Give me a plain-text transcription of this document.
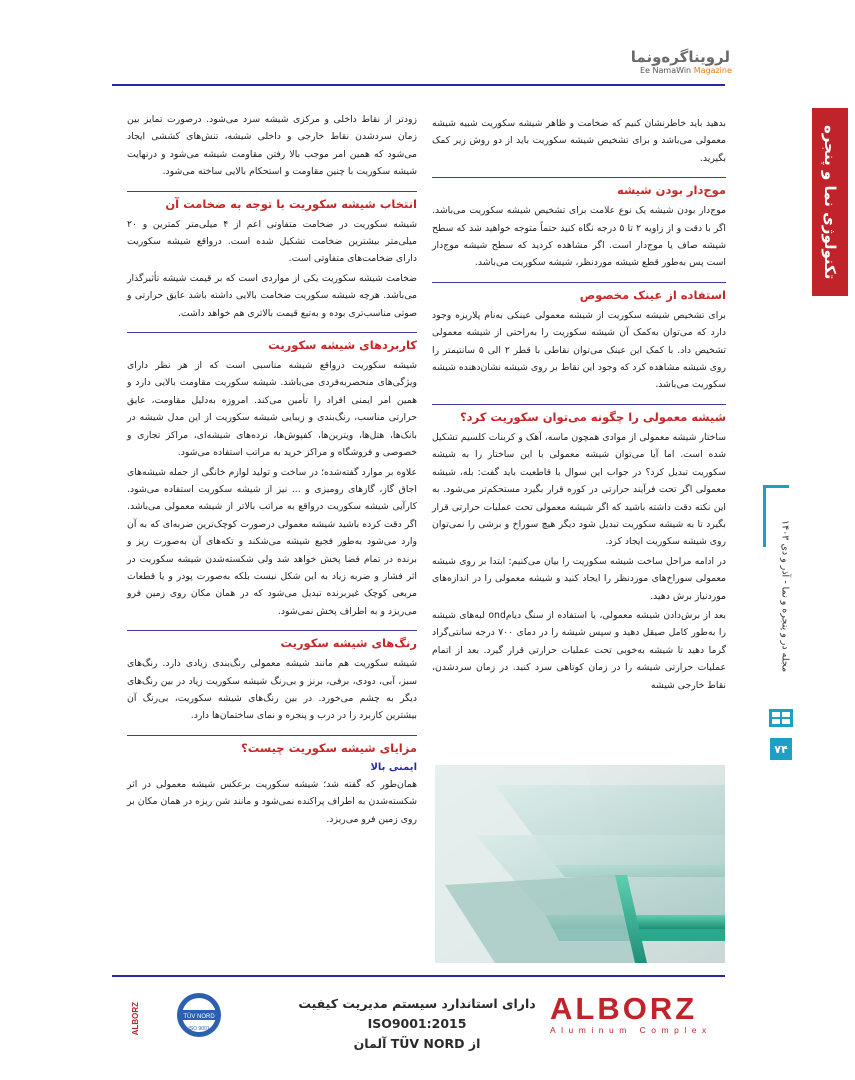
لرویناگره‌ونما
Ee NamaWin Magazine
تکنولوژی نما و پنجره
مجله در و پنجره و نما - آذر و دی ۱۴۰۳
۷۴

بدهید باید خاطرنشان کنیم که ضخامت و ظاهر شیشه سکوریت شبیه شیشه معمولی می‌باشد و برای تشخیص شیشه سکوریت باید از دو روش زیر کمک بگیرید.

موج‌دار بودن شیشه

موج‌دار بودن شیشه یک نوع علامت برای تشخیص شیشه سکوریت می‌باشد. اگر با دقت و از زاویه ۲ تا ۵ درجه نگاه کنید حتماً متوجه خواهید شد که سطح شیشه صاف یا موج‌دار است. اگر مشاهده کردید که سطح شیشه موج‌دار است پس به‌طور قطع شیشه مورد‌نظر، شیشه سکوریت می‌باشد.

استفاده از عینک مخصوص

برای تشخیص شیشه سکوریت از شیشه معمولی عینکی به‌نام پلاریزه وجود دارد که می‌توان به‌کمک آن شیشه سکوریت را به‌راحتی از شیشه معمولی تشخیص داد. با کمک این عینک می‌توان نقاطی با قطر ۲ الی ۵ سانتیمتر را روی شیشه مشاهده کرد که وجود این نقاط بر روی شیشه نشان‌دهنده شیشه سکوریت می‌باشد.

شیشه معمولی را چگونه می‌توان سکوریت کرد؟

ساختار شیشه معمولی از موادی همچون ماسه، آهک و کربنات کلسیم تشکیل شده است. اما آیا می‌توان شیشه معمولی با این ساختار را به شیشه سکوریت تبدیل کرد؟ در جواب این سوال با قاطعیت باید گفت: بله، شیشه معمولی اگر تحت فرآیند حرارتی در کوره قرار بگیرد مستحکم‌تر می‌شود. به این نکته دقت داشته باشید که اگر شیشه معمولی تحت عملیات حرارتی قرار بگیرد تا به شیشه سکوریت تبدیل شود دیگر هیچ سوراخ و برشی را نمی‌توان روی شیشه سکوریت ایجاد کرد.

در ادامه مراحل ساخت شیشه سکوریت را بیان می‌کنیم: ابتدا بر روی شیشه معمولی سوراخ‌های مورد‌نظر را ایجاد کنید و شیشه معمولی را در اندازه‌های موردنیاز برش دهید.

بعد از برش‌دادن شیشه معمولی، با استفاده از سنگ دیامond لبه‌های شیشه را به‌طور کامل صیقل دهید و سپس شیشه را در دمای ۷۰۰ درجه سانتی‌گراد گرما دهید تا شیشه به‌خوبی تحت عملیات حرارتی قرار گیرد. بعد از اتمام عملیات حرارتی شیشه را در زمان کوتاهی سرد کنید. در زمان سرد‌شدن، نقاط خارجی شیشه

زودتر از نقاط داخلی و مرکزی شیشه سرد می‌شود. درصورت تمایز بین زمان سرد‌شدن نقاط خارجی و داخلی شیشه، تنش‌های کششی ایجاد می‌شود که همین امر موجب بالا رفتن مقاومت شیشه می‌شود و درنهایت شیشه سکوریت با چنین مقاومت و استحکام بالایی ساخته می‌شود.

انتخاب شیشه سکوریت با توجه به ضخامت آن

شیشه سکوریت در ضخامت متفاوتی اعم از ۴ میلی‌متر کمترین و ۲۰ میلی‌متر بیشترین ضخامت تشکیل شده است. درواقع شیشه سکوریت دارای ضخامت‌های متفاوتی است.

ضخامت شیشه سکوریت یکی از مواردی است که بر قیمت شیشه تأثیرگذار می‌باشد. هرچه شیشه سکوریت ضخامت بالایی داشته باشد عایق حرارتی و صوتی مناسب‌تری بوده و به‌تبع قیمت بالاتری هم خواهد داشت.

کاربردهای شیشه سکوریت

شیشه سکوریت درواقع شیشه مناسبی است که از هر نظر دارای ویژگی‌های منحصر‌به‌فردی می‌باشد. شیشه سکوریت مقاومت بالایی دارد و همین امر ایمنی افراد را تأمین می‌کند. امروزه به‌دلیل مقاومت، عایق حرارتی مناسب، رنگ‌بندی و زیبایی شیشه سکوریت از این مدل شیشه در بانک‌ها، هتل‌ها، ویترین‌ها، کفپوش‌ها، نرده‌های شیشه‌ای، مراکز تجاری و خصوصی و فروشگاه و مراکز خرید به مراتب استفاده می‌شود.

علاوه بر موارد گفته‌شده؛ در ساخت و تولید لوازم خانگی از جمله شیشه‌های اجاق گاز، گازهای رومیزی و ... نیز از شیشه سکوریت استفاده می‌شود. کارآیی شیشه سکوریت درواقع به مراتب بالاتر از شیشه معمولی می‌باشد. اگر دقت کرده باشید شیشه معمولی درصورت کوچک‌ترین ضربه‌ای که به آن وارد می‌شود به‌طور فجیع شیشه می‌شکند و تکه‌های آن به‌صورت ریز و برنده در تمام فضا پخش خواهد شد ولی شکسته‌شدن شیشه سکوریت در اثر فشار و ضربه زیاد به این شکل نیست بلکه به‌صورت پودر و یا قطعات مربعی کوچک غیر‌برنده تبدیل می‌شود که در همان مکان روی زمین فرو می‌ریزد و به اطراف پخش نمی‌شود.

رنگ‌های شیشه سکوریت

شیشه سکوریت هم مانند شیشه معمولی رنگ‌بندی زیادی دارد. رنگ‌های سبز، آبی، دودی، برفی، برنز و بی‌رنگ شیشه سکوریت زیاد در بین رنگ‌های دیگر به چشم می‌خورد. در بین رنگ‌های شیشه سکوریت، بی‌رنگ آن بیشترین کاربرد را در درب و پنجره و نمای ساختمان‌ها دارد.

مزایای شیشه سکوریت چیست؟
ایمنی بالا

همان‌طور که گفته شد؛ شیشه سکوریت برعکس شیشه معمولی در اثر شکسته‌شدن به اطراف پراکنده نمی‌شود و مانند شن ریزه در همان مکان بر روی زمین فرو می‌ریزد.

دارای استاندارد سیستم مدیریت کیفیت ISO9001:2015
از TÜV NORD آلمان
ALBORZ
Aluminum Complex
TÜV NORD
ISO 9001
ALBORZ
